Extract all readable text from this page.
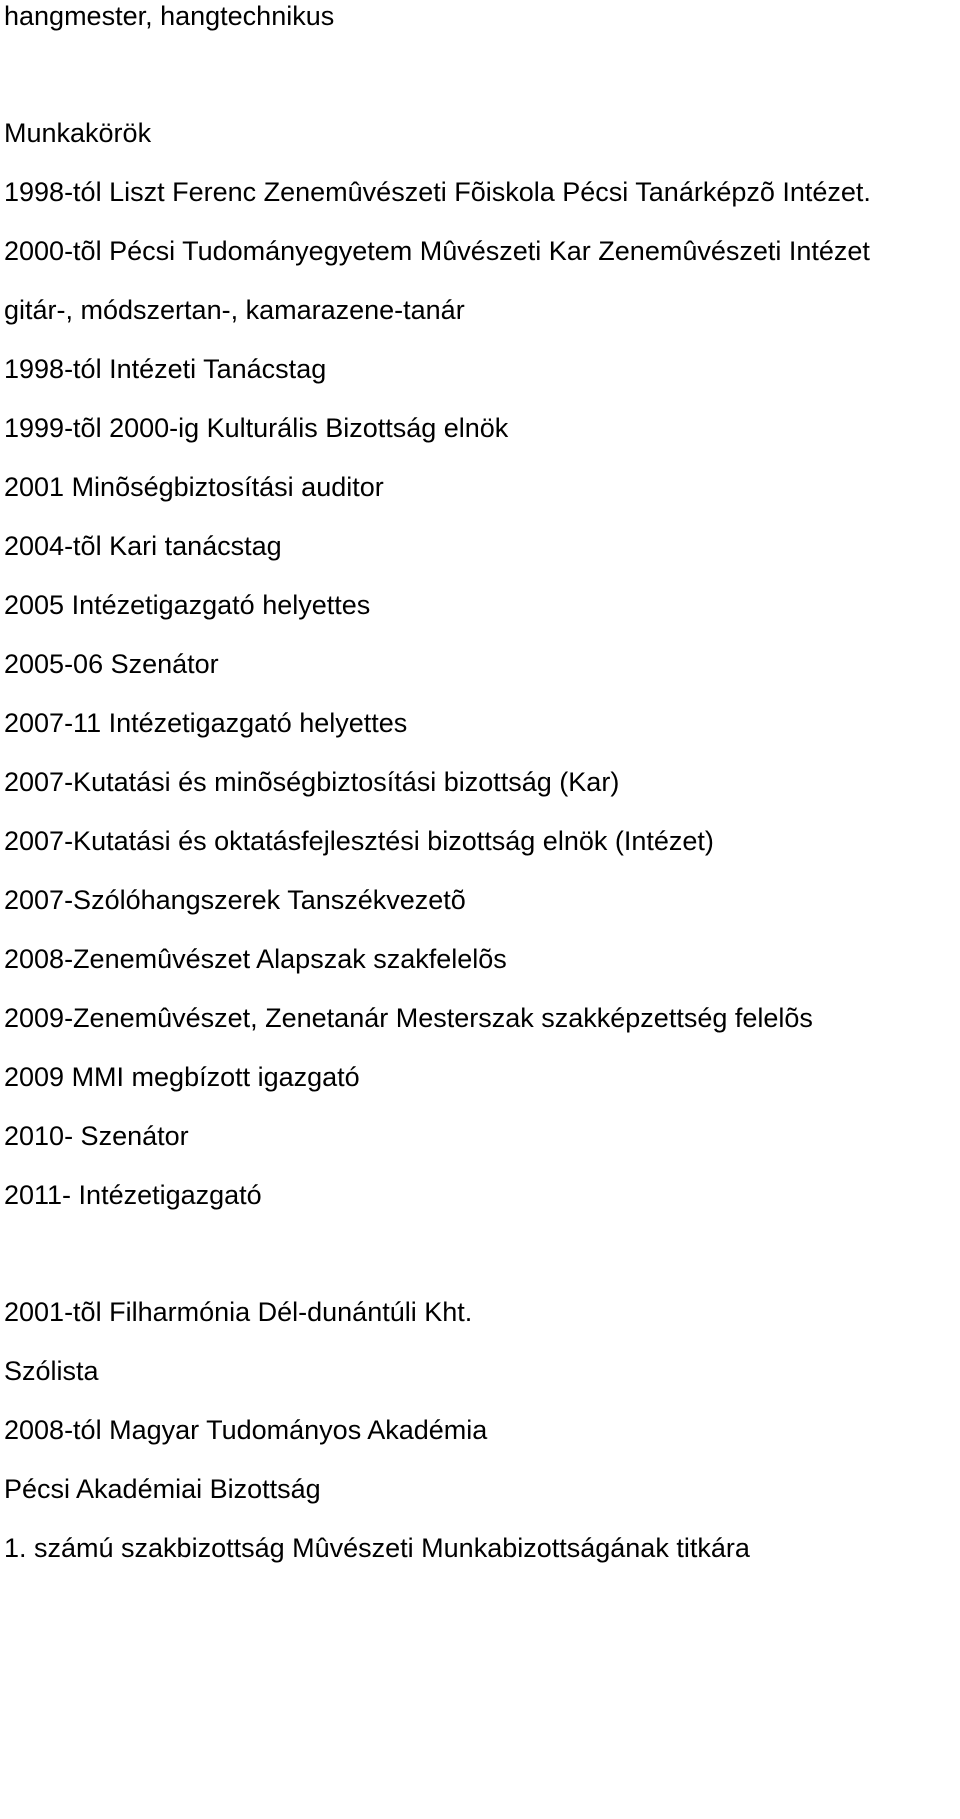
hangmester, hangtechnikus
Munkakörök
1998-tól Liszt Ferenc Zenemûvészeti Fõiskola Pécsi Tanárképzõ Intézet.
2000-tõl Pécsi Tudományegyetem Mûvészeti Kar Zenemûvészeti Intézet
gitár-, módszertan-, kamarazene-tanár
1998-tól Intézeti Tanácstag
1999-tõl 2000-ig Kulturális Bizottság elnök
2001 Minõségbiztosítási auditor
2004-tõl Kari tanácstag
2005 Intézetigazgató helyettes
2005-06 Szenátor
2007-11 Intézetigazgató helyettes
2007-Kutatási és minõségbiztosítási bizottság (Kar)
2007-Kutatási és oktatásfejlesztési bizottság elnök (Intézet)
2007-Szólóhangszerek Tanszékvezetõ
2008-Zenemûvészet Alapszak szakfelelõs
2009-Zenemûvészet, Zenetanár Mesterszak szakképzettség felelõs
2009 MMI megbízott igazgató
2010- Szenátor
2011- Intézetigazgató
2001-tõl Filharmónia Dél-dunántúli Kht.
Szólista
2008-tól Magyar Tudományos Akadémia
Pécsi Akadémiai Bizottság
1. számú szakbizottság Mûvészeti Munkabizottságának titkára
